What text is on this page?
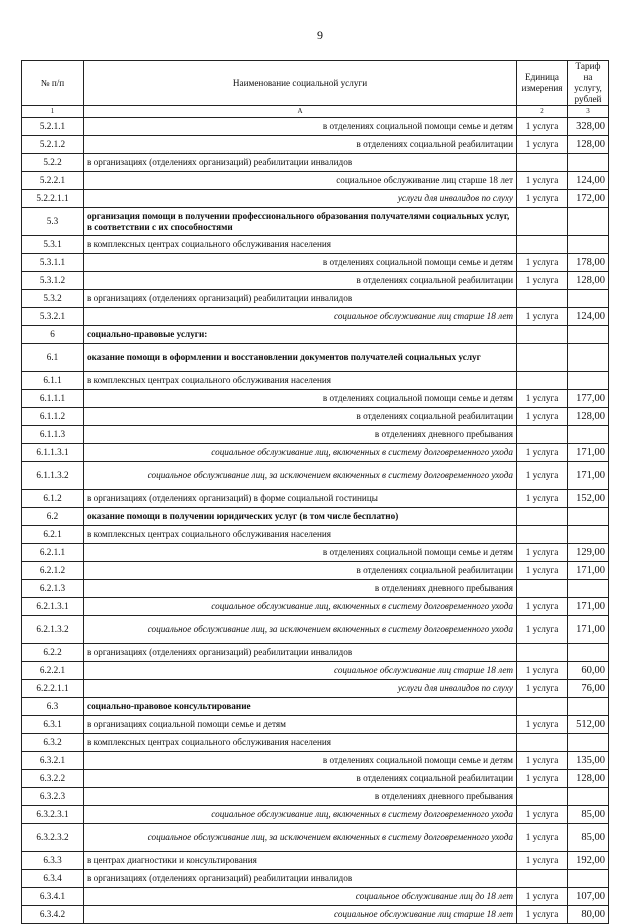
9
№ п/п	Наименование социальной услуги	Единица измерения	Тариф на услугу, рублей
1	А	2	3
5.2.1.1	в отделениях социальной помощи семье и детям	1 услуга	328,00
5.2.1.2	в отделениях социальной реабилитации	1 услуга	128,00
5.2.2	в организациях (отделениях организаций) реабилитации инвалидов		
5.2.2.1	социальное обслуживание лиц старше 18 лет	1 услуга	124,00
5.2.2.1.1	услуги для инвалидов по слуху	1 услуга	172,00
5.3	организация помощи в получении профессионального образования получателями социальных услуг, в соответствии с их способностями		
5.3.1	в комплексных центрах социального обслуживания населения		
5.3.1.1	в отделениях социальной помощи семье и детям	1 услуга	178,00
5.3.1.2	в отделениях социальной реабилитации	1 услуга	128,00
5.3.2	в организациях (отделениях организаций) реабилитации инвалидов		
5.3.2.1	социальное обслуживание лиц старше 18 лет	1 услуга	124,00
6	социально-правовые услуги:		
6.1	оказание помощи в оформлении и восстановлении документов получателей социальных услуг		
6.1.1	в комплексных центрах социального обслуживания населения		
6.1.1.1	в отделениях социальной помощи семье и детям	1 услуга	177,00
6.1.1.2	в отделениях социальной реабилитации	1 услуга	128,00
6.1.1.3	в отделениях дневного пребывания		
6.1.1.3.1	социальное обслуживание лиц, включенных в систему долговременного ухода	1 услуга	171,00
6.1.1.3.2	социальное обслуживание лиц, за исключением включенных в систему долговременного ухода	1 услуга	171,00
6.1.2	в организациях (отделениях организаций) в форме социальной гостиницы	1 услуга	152,00
6.2	оказание помощи в получении юридических услуг (в том числе бесплатно)		
6.2.1	в комплексных центрах социального обслуживания населения		
6.2.1.1	в отделениях социальной помощи семье и детям	1 услуга	129,00
6.2.1.2	в отделениях социальной реабилитации	1 услуга	171,00
6.2.1.3	в отделениях дневного пребывания		
6.2.1.3.1	социальное обслуживание лиц, включенных в систему долговременного ухода	1 услуга	171,00
6.2.1.3.2	социальное обслуживание лиц, за исключением включенных в систему долговременного ухода	1 услуга	171,00
6.2.2	в организациях (отделениях организаций) реабилитации инвалидов		
6.2.2.1	социальное обслуживание лиц старше 18 лет	1 услуга	60,00
6.2.2.1.1	услуги для инвалидов по слуху	1 услуга	76,00
6.3	социально-правовое консультирование		
6.3.1	в организациях социальной помощи семье и детям	1 услуга	512,00
6.3.2	в комплексных центрах социального обслуживания населения		
6.3.2.1	в отделениях социальной помощи семье и детям	1 услуга	135,00
6.3.2.2	в отделениях социальной реабилитации	1 услуга	128,00
6.3.2.3	в отделениях дневного пребывания		
6.3.2.3.1	социальное обслуживание лиц, включенных в систему долговременного ухода	1 услуга	85,00
6.3.2.3.2	социальное обслуживание лиц, за исключением включенных в систему долговременного ухода	1 услуга	85,00
6.3.3	в центрах диагностики и консультирования	1 услуга	192,00
6.3.4	в организациях (отделениях организаций) реабилитации инвалидов		
6.3.4.1	социальное обслуживание лиц до 18 лет	1 услуга	107,00
6.3.4.2	социальное обслуживание лиц старше 18 лет	1 услуга	80,00
